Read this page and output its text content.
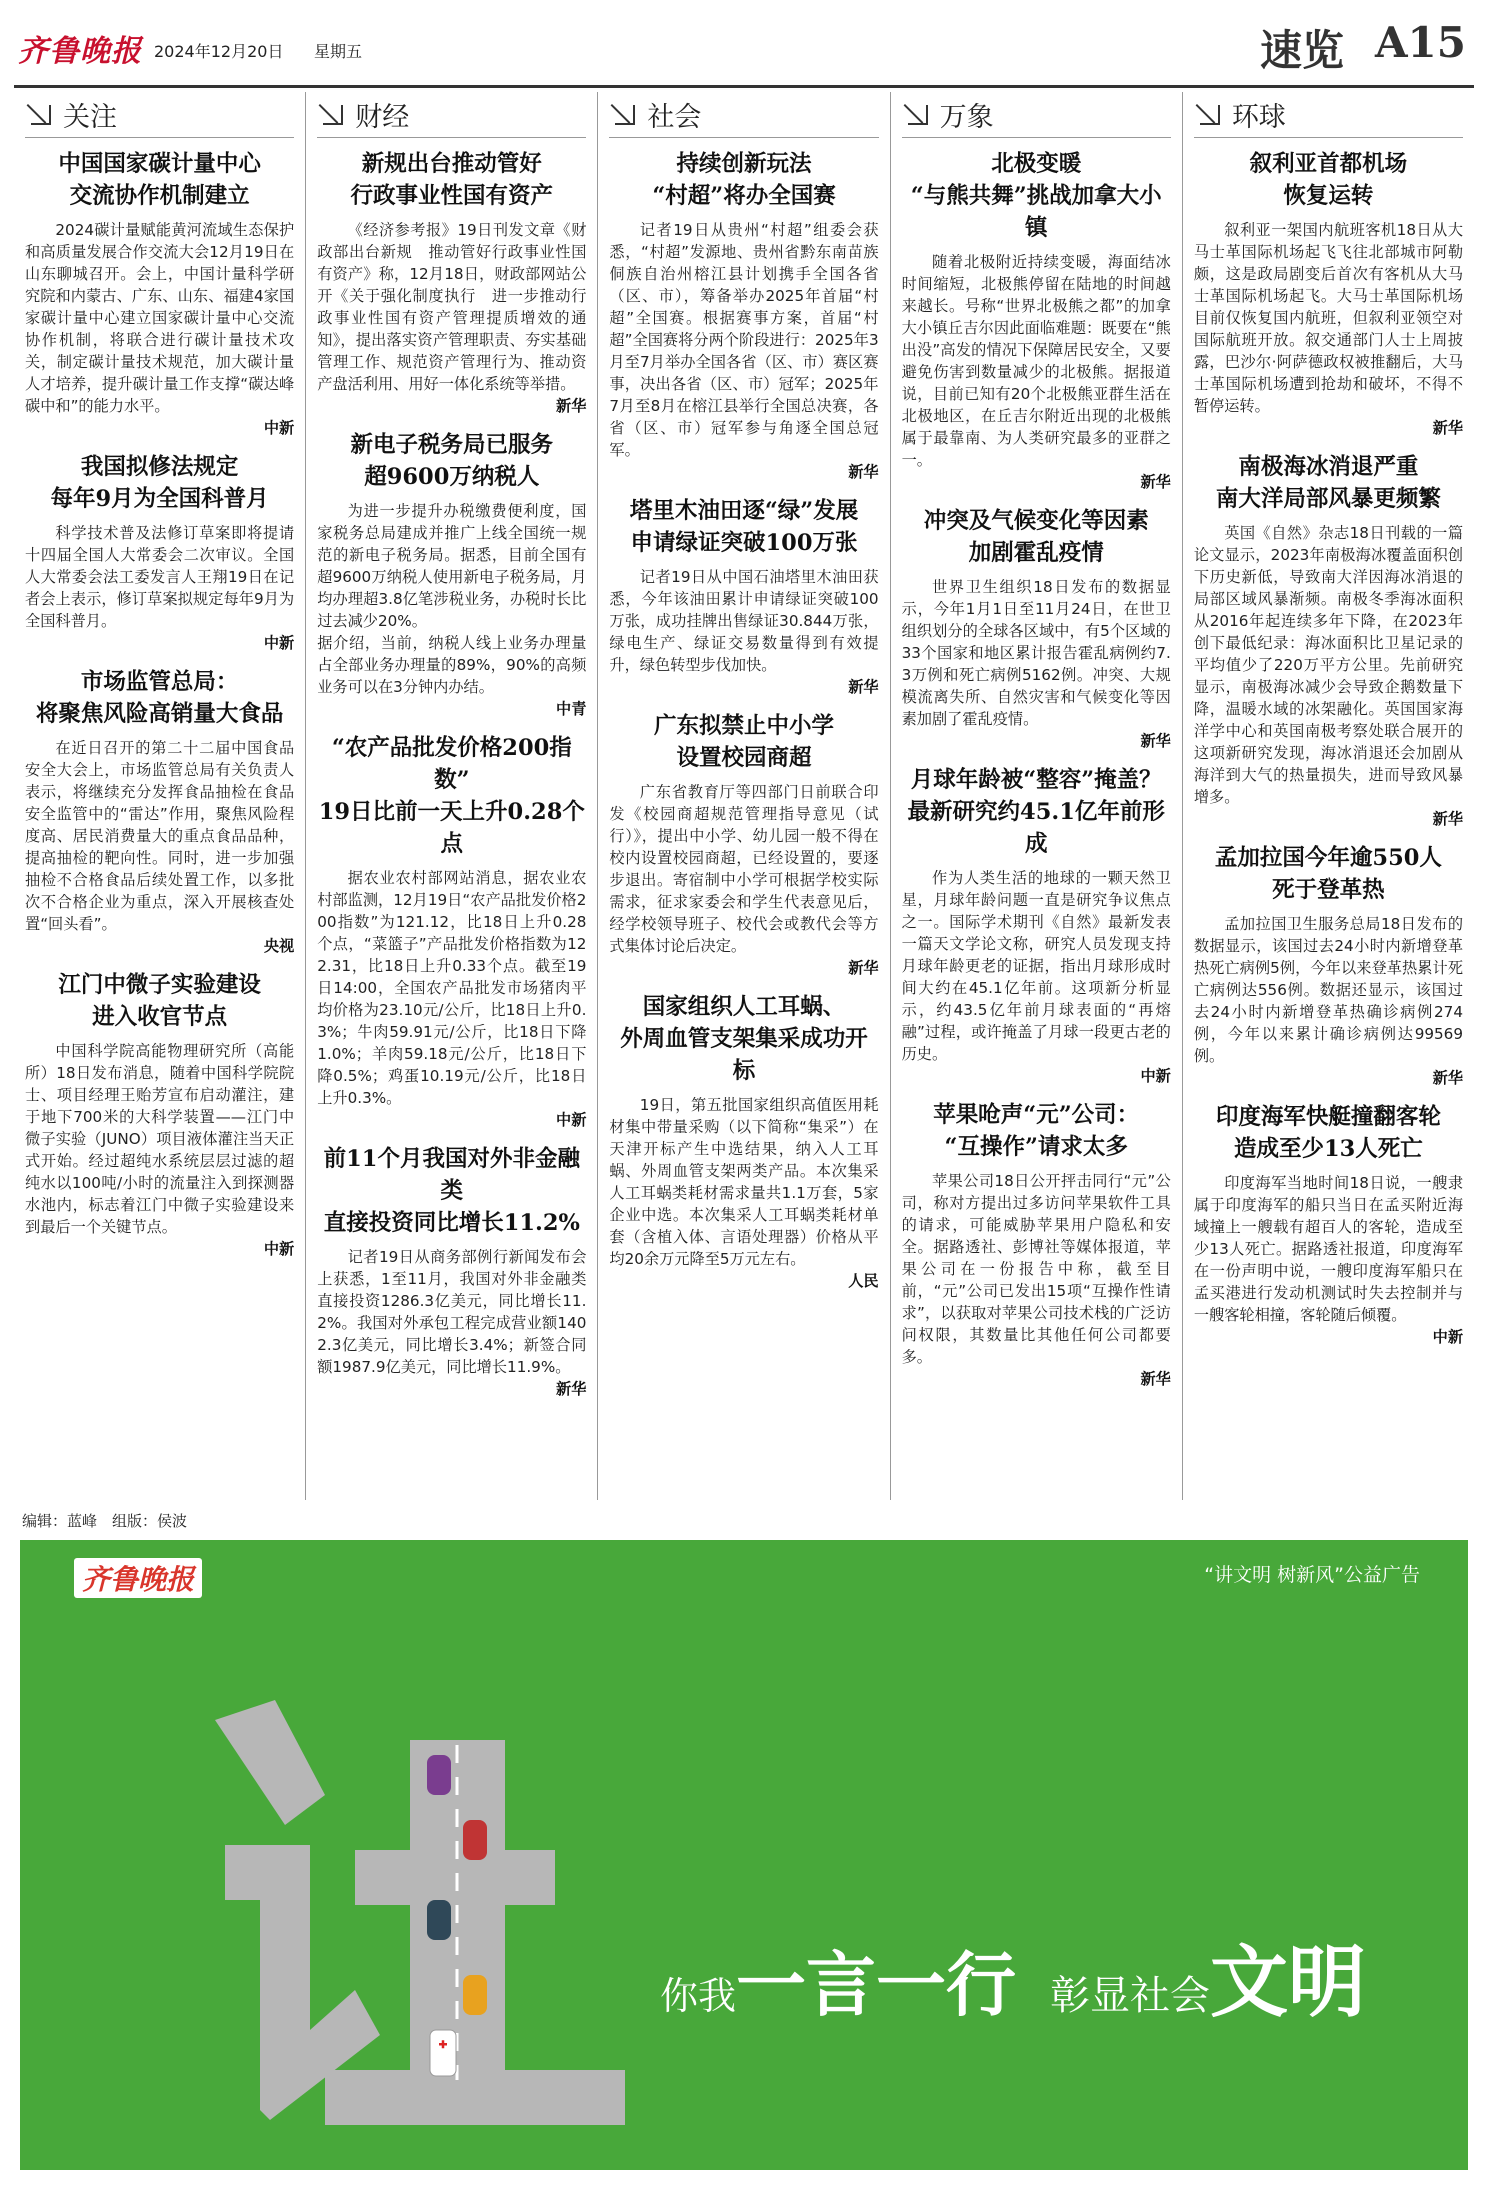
齐鲁晚报 2024年12月20日 星期五	速览 A15
关注
中国国家碳计量中心
交流协作机制建立
2024碳计量赋能黄河流域生态保护和高质量发展合作交流大会12月19日在山东聊城召开。会上，中国计量科学研究院和内蒙古、广东、山东、福建4家国家碳计量中心建立国家碳计量中心交流协作机制，将联合进行碳计量技术攻关，制定碳计量技术规范，加大碳计量人才培养，提升碳计量工作支撑“碳达峰碳中和”的能力水平。
中新
我国拟修法规定
每年9月为全国科普月
科学技术普及法修订草案即将提请十四届全国人大常委会二次审议。全国人大常委会法工委发言人王翔19日在记者会上表示，修订草案拟规定每年9月为全国科普月。
中新
市场监管总局：
将聚焦风险高销量大食品
在近日召开的第二十二届中国食品安全大会上，市场监管总局有关负责人表示，将继续充分发挥食品抽检在食品安全监管中的“雷达”作用，聚焦风险程度高、居民消费量大的重点食品品种，提高抽检的靶向性。同时，进一步加强抽检不合格食品后续处置工作，以多批次不合格企业为重点，深入开展核查处置“回头看”。
央视
江门中微子实验建设
进入收官节点
中国科学院高能物理研究所（高能所）18日发布消息，随着中国科学院院士、项目经理王贻芳宣布启动灌注，建于地下700米的大科学装置——江门中微子实验（JUNO）项目液体灌注当天正式开始。经过超纯水系统层层过滤的超纯水以100吨/小时的流量注入到探测器水池内，标志着江门中微子实验建设来到最后一个关键节点。
中新
财经
新规出台推动管好
行政事业性国有资产
《经济参考报》19日刊发文章《财政部出台新规　推动管好行政事业性国有资产》称，12月18日，财政部网站公开《关于强化制度执行　进一步推动行政事业性国有资产管理提质增效的通知》，提出落实资产管理职责、夯实基础管理工作、规范资产管理行为、推动资产盘活利用、用好一体化系统等举措。
新华
新电子税务局已服务
超9600万纳税人
为进一步提升办税缴费便利度，国家税务总局建成并推广上线全国统一规范的新电子税务局。据悉，目前全国有超9600万纳税人使用新电子税务局，月均办理超3.8亿笔涉税业务，办税时长比过去减少20%。
据介绍，当前，纳税人线上业务办理量占全部业务办理量的89%，90%的高频业务可以在3分钟内办结。
中青
“农产品批发价格200指数”
19日比前一天上升0.28个点
据农业农村部网站消息，据农业农村部监测，12月19日“农产品批发价格200指数”为121.12，比18日上升0.28个点，“菜篮子”产品批发价格指数为122.31，比18日上升0.33个点。截至19日14:00，全国农产品批发市场猪肉平均价格为23.10元/公斤，比18日上升0.3%；牛肉59.91元/公斤，比18日下降1.0%；羊肉59.18元/公斤，比18日下降0.5%；鸡蛋10.19元/公斤，比18日上升0.3%。
中新
前11个月我国对外非金融类
直接投资同比增长11.2%
记者19日从商务部例行新闻发布会上获悉，1至11月，我国对外非金融类直接投资1286.3亿美元，同比增长11.2%。我国对外承包工程完成营业额1402.3亿美元，同比增长3.4%；新签合同额1987.9亿美元，同比增长11.9%。
新华
社会
持续创新玩法
“村超”将办全国赛
记者19日从贵州“村超”组委会获悉，“村超”发源地、贵州省黔东南苗族侗族自治州榕江县计划携手全国各省（区、市），筹备举办2025年首届“村超”全国赛。根据赛事方案，首届“村超”全国赛将分两个阶段进行：2025年3月至7月举办全国各省（区、市）赛区赛事，决出各省（区、市）冠军；2025年7月至8月在榕江县举行全国总决赛，各省（区、市）冠军参与角逐全国总冠军。
新华
塔里木油田逐“绿”发展
申请绿证突破100万张
记者19日从中国石油塔里木油田获悉，今年该油田累计申请绿证突破100万张，成功挂牌出售绿证30.844万张，绿电生产、绿证交易数量得到有效提升，绿色转型步伐加快。
新华
广东拟禁止中小学
设置校园商超
广东省教育厅等四部门日前联合印发《校园商超规范管理指导意见（试行）》，提出中小学、幼儿园一般不得在校内设置校园商超，已经设置的，要逐步退出。寄宿制中小学可根据学校实际需求，征求家委会和学生代表意见后，经学校领导班子、校代会或教代会等方式集体讨论后决定。
新华
国家组织人工耳蜗、
外周血管支架集采成功开标
19日，第五批国家组织高值医用耗材集中带量采购（以下简称“集采”）在天津开标产生中选结果，纳入人工耳蜗、外周血管支架两类产品。本次集采人工耳蜗类耗材需求量共1.1万套，5家企业中选。本次集采人工耳蜗类耗材单套（含植入体、言语处理器）价格从平均20余万元降至5万元左右。
人民
万象
北极变暖
“与熊共舞”挑战加拿大小镇
随着北极附近持续变暖，海面结冰时间缩短，北极熊停留在陆地的时间越来越长。号称“世界北极熊之都”的加拿大小镇丘吉尔因此面临难题：既要在“熊出没”高发的情况下保障居民安全，又要避免伤害到数量减少的北极熊。据报道说，目前已知有20个北极熊亚群生活在北极地区，在丘吉尔附近出现的北极熊属于最靠南、为人类研究最多的亚群之一。
新华
冲突及气候变化等因素
加剧霍乱疫情
世界卫生组织18日发布的数据显示，今年1月1日至11月24日，在世卫组织划分的全球各区域中，有5个区域的33个国家和地区累计报告霍乱病例约7.3万例和死亡病例5162例。冲突、大规模流离失所、自然灾害和气候变化等因素加剧了霍乱疫情。
新华
月球年龄被“整容”掩盖？
最新研究约45.1亿年前形成
作为人类生活的地球的一颗天然卫星，月球年龄问题一直是研究争议焦点之一。国际学术期刊《自然》最新发表一篇天文学论文称，研究人员发现支持月球年龄更老的证据，指出月球形成时间大约在45.1亿年前。这项新分析显示，约43.5亿年前月球表面的“再熔融”过程，或许掩盖了月球一段更古老的历史。
中新
苹果呛声“元”公司：
“互操作”请求太多
苹果公司18日公开抨击同行“元”公司，称对方提出过多访问苹果软件工具的请求，可能威胁苹果用户隐私和安全。据路透社、彭博社等媒体报道，苹果公司在一份报告中称，截至目前，“元”公司已发出15项“互操作性请求”，以获取对苹果公司技术栈的广泛访问权限，其数量比其他任何公司都要多。
新华
环球
叙利亚首都机场
恢复运转
叙利亚一架国内航班客机18日从大马士革国际机场起飞飞往北部城市阿勒颇，这是政局剧变后首次有客机从大马士革国际机场起飞。大马士革国际机场目前仅恢复国内航班，但叙利亚领空对国际航班开放。叙交通部门人士上周披露，巴沙尔·阿萨德政权被推翻后，大马士革国际机场遭到抢劫和破坏，不得不暂停运转。
新华
南极海冰消退严重
南大洋局部风暴更频繁
英国《自然》杂志18日刊载的一篇论文显示，2023年南极海冰覆盖面积创下历史新低，导致南大洋因海冰消退的局部区域风暴渐频。南极冬季海冰面积从2016年起连续多年下降，在2023年创下最低纪录：海冰面积比卫星记录的平均值少了220万平方公里。先前研究显示，南极海冰减少会导致企鹅数量下降，温暖水域的冰架融化。英国国家海洋学中心和英国南极考察处联合展开的这项新研究发现，海冰消退还会加剧从海洋到大气的热量损失，进而导致风暴增多。
新华
孟加拉国今年逾550人
死于登革热
孟加拉国卫生服务总局18日发布的数据显示，该国过去24小时内新增登革热死亡病例5例，今年以来登革热累计死亡病例达556例。数据还显示，该国过去24小时内新增登革热确诊病例274例，今年以来累计确诊病例达99569例。
新华
印度海军快艇撞翻客轮
造成至少13人死亡
印度海军当地时间18日说，一艘隶属于印度海军的船只当日在孟买附近海域撞上一艘载有超百人的客轮，造成至少13人死亡。据路透社报道，印度海军在一份声明中说，一艘印度海军船只在孟买港进行发动机测试时失去控制并与一艘客轮相撞，客轮随后倾覆。
中新
编辑：蓝峰　组版：侯波
齐鲁晚报	“讲文明 树新风”公益广告
你我一言一行 彰显社会文明
